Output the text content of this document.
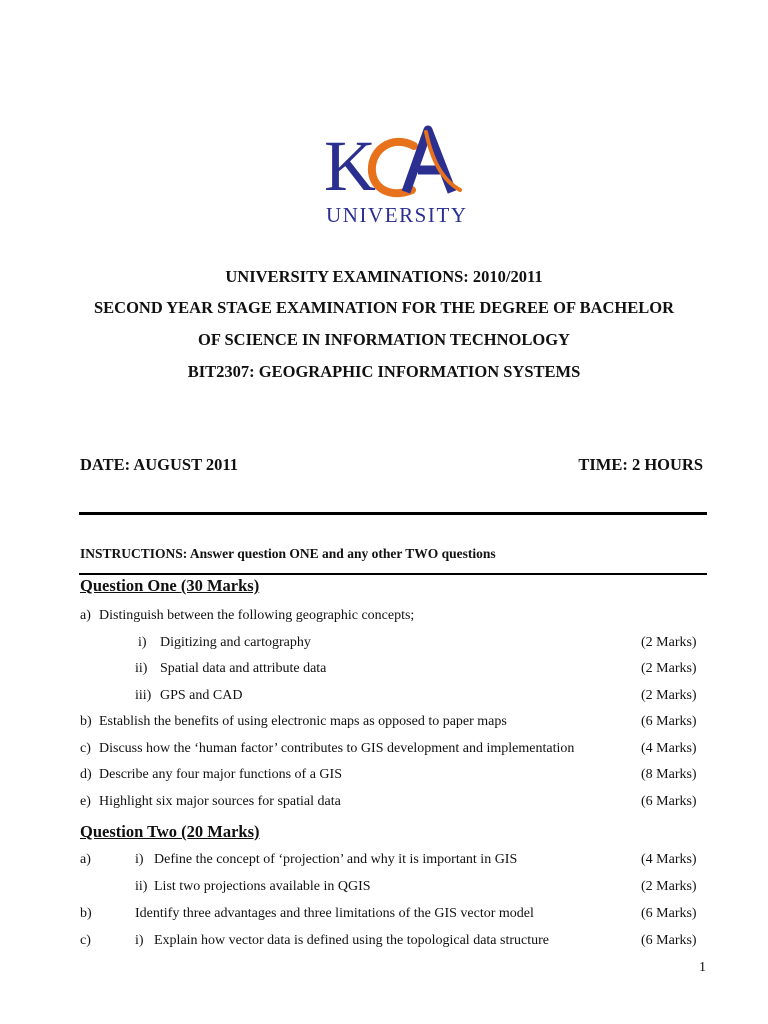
K
UNIVERSITY
UNIVERSITY EXAMINATIONS: 2010/2011
SECOND YEAR STAGE EXAMINATION FOR THE DEGREE OF BACHELOR
OF SCIENCE IN INFORMATION TECHNOLOGY
BIT2307: GEOGRAPHIC INFORMATION SYSTEMS
DATE: AUGUST 2011	TIME: 2 HOURS
INSTRUCTIONS: Answer question ONE and any other TWO questions
Question One (30 Marks)
a) Distinguish between the following geographic concepts;
i) Digitizing and cartography	(2 Marks)
ii) Spatial data and attribute data	(2 Marks)
iii) GPS and CAD	(2 Marks)
b) Establish the benefits of using electronic maps as opposed to paper maps	(6 Marks)
c) Discuss how the ‘human factor’ contributes to GIS development and implementation	(4 Marks)
d) Describe any four major functions of a GIS	(8 Marks)
e) Highlight six major sources for spatial data	(6 Marks)
Question Two (20 Marks)
a)	i) Define the concept of ‘projection’ and why it is important in GIS	(4 Marks)
ii) List two projections available in QGIS	(2 Marks)
b)	Identify three advantages and three limitations of the GIS vector model	(6 Marks)
c)	i) Explain how vector data is defined using the topological data structure	(6 Marks)
1
